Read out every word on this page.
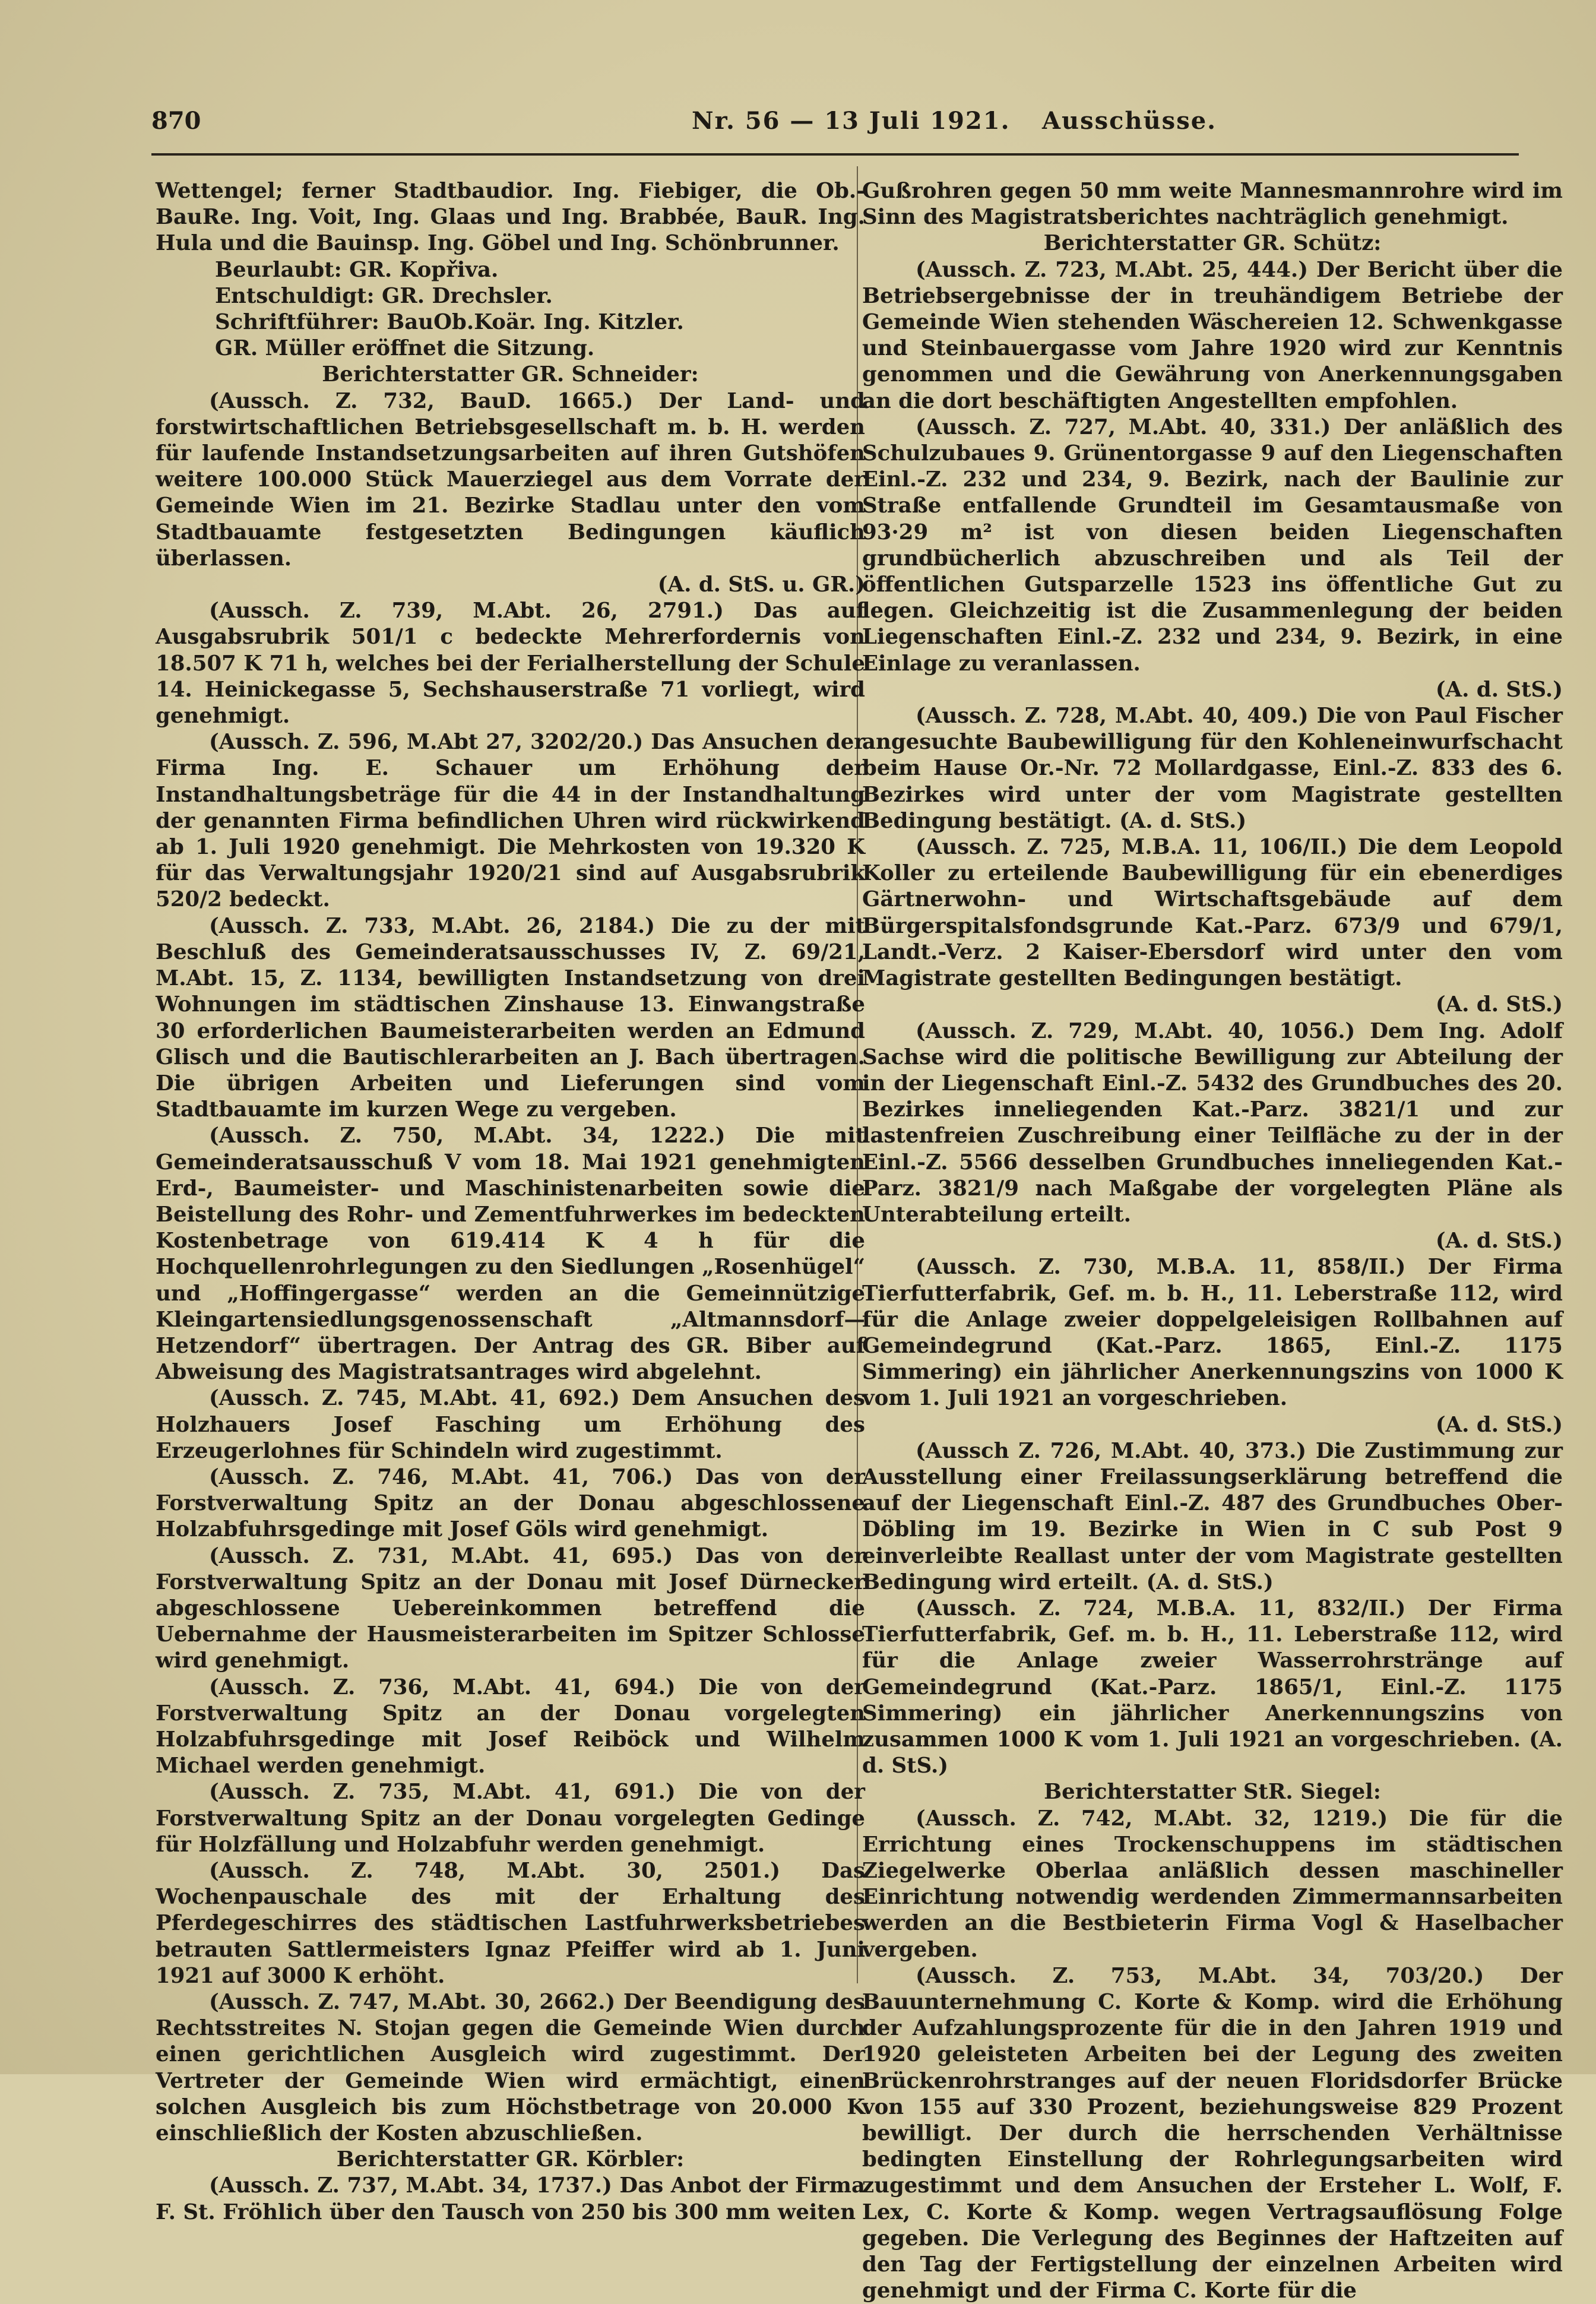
870	Nr. 56 — 13 Juli 1921. Ausschüsse.

Wettengel; ferner Stadtbaudior. Ing. Fiebiger, die Ob.-BauRe. Ing. Voit, Ing. Glaas und Ing. Brabbée, BauR. Ing. Hula und die Bauinsp. Ing. Göbel und Ing. Schönbrunner.

Beurlaubt: GR. Kopřiva.

Entschuldigt: GR. Drechsler.

Schriftführer: BauOb.Koär. Ing. Kitzler.

GR. Müller eröffnet die Sitzung.

Berichterstatter GR. Schneider:

(Aussch. Z. 732, BauD. 1665.) Der Land- und forstwirtschaftlichen Betriebsgesellschaft m. b. H. werden für laufende Instandsetzungsarbeiten auf ihren Gutshöfen weitere 100.000 Stück Mauerziegel aus dem Vorrate der Gemeinde Wien im 21. Bezirke Stadlau unter den vom Stadtbauamte festgesetzten Bedingungen käuflich überlassen.

(A. d. StS. u. GR.)

(Aussch. Z. 739, M.Abt. 26, 2791.) Das auf Ausgabsrubrik 501/1 c bedeckte Mehrerfordernis von 18.507 K 71 h, welches bei der Ferialherstellung der Schule 14. Heinickegasse 5, Sechshauserstraße 71 vorliegt, wird genehmigt.

(Aussch. Z. 596, M.Abt 27, 3202/20.) Das Ansuchen der Firma Ing. E. Schauer um Erhöhung der Instandhaltungsbeträge für die 44 in der Instandhaltung der genannten Firma befindlichen Uhren wird rückwirkend ab 1. Juli 1920 genehmigt. Die Mehrkosten von 19.320 K für das Verwaltungsjahr 1920/21 sind auf Ausgabsrubrik 520/2 bedeckt.

(Aussch. Z. 733, M.Abt. 26, 2184.) Die zu der mit Beschluß des Gemeinderatsausschusses IV, Z. 69/21, M.Abt. 15, Z. 1134, bewilligten Instandsetzung von drei Wohnungen im städtischen Zinshause 13. Einwangstraße 30 erforderlichen Baumeisterarbeiten werden an Edmund Glisch und die Bautischlerarbeiten an J. Bach übertragen. Die übrigen Arbeiten und Lieferungen sind vom Stadtbauamte im kurzen Wege zu vergeben.

(Aussch. Z. 750, M.Abt. 34, 1222.) Die mit Gemeinderatsausschuß V vom 18. Mai 1921 genehmigten Erd-, Baumeister- und Maschinistenarbeiten sowie die Beistellung des Rohr- und Zementfuhrwerkes im bedeckten Kostenbetrage von 619.414 K 4 h für die Hochquellenrohrlegungen zu den Siedlungen „Rosenhügel“ und „Hoffingergasse“ werden an die Gemeinnützige Kleingartensiedlungsgenossenschaft „Altmannsdorf—Hetzendorf“ übertragen. Der Antrag des GR. Biber auf Abweisung des Magistratsantrages wird abgelehnt.

(Aussch. Z. 745, M.Abt. 41, 692.) Dem Ansuchen des Holzhauers Josef Fasching um Erhöhung des Erzeugerlohnes für Schindeln wird zugestimmt.

(Aussch. Z. 746, M.Abt. 41, 706.) Das von der Forstverwaltung Spitz an der Donau abgeschlossene Holzabfuhrsgedinge mit Josef Göls wird genehmigt.

(Aussch. Z. 731, M.Abt. 41, 695.) Das von der Forstverwaltung Spitz an der Donau mit Josef Dürnecker abgeschlossene Uebereinkommen betreffend die Uebernahme der Hausmeisterarbeiten im Spitzer Schlosse wird genehmigt.

(Aussch. Z. 736, M.Abt. 41, 694.) Die von der Forstverwaltung Spitz an der Donau vorgelegten Holzabfuhrsgedinge mit Josef Reiböck und Wilhelm Michael werden genehmigt.

(Aussch. Z. 735, M.Abt. 41, 691.) Die von der Forstverwaltung Spitz an der Donau vorgelegten Gedinge für Holzfällung und Holzabfuhr werden genehmigt.

(Aussch. Z. 748, M.Abt. 30, 2501.) Das Wochenpauschale des mit der Erhaltung des Pferdegeschirres des städtischen Lastfuhrwerksbetriebes betrauten Sattlermeisters Ignaz Pfeiffer wird ab 1. Juni 1921 auf 3000 K erhöht.

(Aussch. Z. 747, M.Abt. 30, 2662.) Der Beendigung des Rechtsstreites N. Stojan gegen die Gemeinde Wien durch einen gerichtlichen Ausgleich wird zugestimmt. Der Vertreter der Gemeinde Wien wird ermächtigt, einen solchen Ausgleich bis zum Höchstbetrage von 20.000 K einschließlich der Kosten abzuschließen.

Berichterstatter GR. Körbler:

(Aussch. Z. 737, M.Abt. 34, 1737.) Das Anbot der Firma F. St. Fröhlich über den Tausch von 250 bis 300 mm weiten

Gußrohren gegen 50 mm weite Mannesmannrohre wird im Sinn des Magistratsberichtes nachträglich genehmigt.

Berichterstatter GR. Schütz:

(Aussch. Z. 723, M.Abt. 25, 444.) Der Bericht über die Betriebsergebnisse der in treuhändigem Betriebe der Gemeinde Wien stehenden Wäschereien 12. Schwenkgasse und Steinbauergasse vom Jahre 1920 wird zur Kenntnis genommen und die Gewährung von Anerkennungsgaben an die dort beschäftigten Angestellten empfohlen.

(Aussch. Z. 727, M.Abt. 40, 331.) Der anläßlich des Schulzubaues 9. Grünentorgasse 9 auf den Liegenschaften Einl.-Z. 232 und 234, 9. Bezirk, nach der Baulinie zur Straße entfallende Grundteil im Gesamtausmaße von 93·29 m² ist von diesen beiden Liegenschaften grundbücherlich abzuschreiben und als Teil der öffentlichen Gutsparzelle 1523 ins öffentliche Gut zu legen. Gleichzeitig ist die Zusammenlegung der beiden Liegenschaften Einl.-Z. 232 und 234, 9. Bezirk, in eine Einlage zu veranlassen.

(A. d. StS.)

(Aussch. Z. 728, M.Abt. 40, 409.) Die von Paul Fischer angesuchte Baubewilligung für den Kohleneinwurfschacht beim Hause Or.-Nr. 72 Mollardgasse, Einl.-Z. 833 des 6. Bezirkes wird unter der vom Magistrate gestellten Bedingung bestätigt. (A. d. StS.)

(Aussch. Z. 725, M.B.A. 11, 106/II.) Die dem Leopold Koller zu erteilende Baubewilligung für ein ebenerdiges Gärtnerwohn- und Wirtschaftsgebäude auf dem Bürgerspitalsfondsgrunde Kat.-Parz. 673/9 und 679/1, Landt.-Verz. 2 Kaiser-Ebersdorf wird unter den vom Magistrate gestellten Bedingungen bestätigt.

(A. d. StS.)

(Aussch. Z. 729, M.Abt. 40, 1056.) Dem Ing. Adolf Sachse wird die politische Bewilligung zur Abteilung der in der Liegenschaft Einl.-Z. 5432 des Grundbuches des 20. Bezirkes inneliegenden Kat.-Parz. 3821/1 und zur lastenfreien Zuschreibung einer Teilfläche zu der in der Einl.-Z. 5566 desselben Grundbuches inneliegenden Kat.-Parz. 3821/9 nach Maßgabe der vorgelegten Pläne als Unterabteilung erteilt.

(A. d. StS.)

(Aussch. Z. 730, M.B.A. 11, 858/II.) Der Firma Tierfutterfabrik, Gef. m. b. H., 11. Leberstraße 112, wird für die Anlage zweier doppelgeleisigen Rollbahnen auf Gemeindegrund (Kat.-Parz. 1865, Einl.-Z. 1175 Simmering) ein jährlicher Anerkennungszins von 1000 K vom 1. Juli 1921 an vorgeschrieben.

(A. d. StS.)

(Aussch Z. 726, M.Abt. 40, 373.) Die Zustimmung zur Ausstellung einer Freilassungserklärung betreffend die auf der Liegenschaft Einl.-Z. 487 des Grundbuches Ober-Döbling im 19. Bezirke in Wien in C sub Post 9 einverleibte Reallast unter der vom Magistrate gestellten Bedingung wird erteilt. (A. d. StS.)

(Aussch. Z. 724, M.B.A. 11, 832/II.) Der Firma Tierfutterfabrik, Gef. m. b. H., 11. Leberstraße 112, wird für die Anlage zweier Wasserrohrstränge auf Gemeindegrund (Kat.-Parz. 1865/1, Einl.-Z. 1175 Simmering) ein jährlicher Anerkennungszins von zusammen 1000 K vom 1. Juli 1921 an vorgeschrieben. (A. d. StS.)

Berichterstatter StR. Siegel:

(Aussch. Z. 742, M.Abt. 32, 1219.) Die für die Errichtung eines Trockenschuppens im städtischen Ziegelwerke Oberlaa anläßlich dessen maschineller Einrichtung notwendig werdenden Zimmermannsarbeiten werden an die Bestbieterin Firma Vogl & Haselbacher vergeben.

(Aussch. Z. 753, M.Abt. 34, 703/20.) Der Bauunternehmung C. Korte & Komp. wird die Erhöhung der Aufzahlungsprozente für die in den Jahren 1919 und 1920 geleisteten Arbeiten bei der Legung des zweiten Brückenrohrstranges auf der neuen Floridsdorfer Brücke von 155 auf 330 Prozent, beziehungsweise 829 Prozent bewilligt. Der durch die herrschenden Verhältnisse bedingten Einstellung der Rohrlegungsarbeiten wird zugestimmt und dem Ansuchen der Ersteher L. Wolf, F. Lex, C. Korte & Komp. wegen Vertragsauflösung Folge gegeben. Die Verlegung des Beginnes der Haftzeiten auf den Tag der Fertigstellung der einzelnen Arbeiten wird genehmigt und der Firma C. Korte für die
